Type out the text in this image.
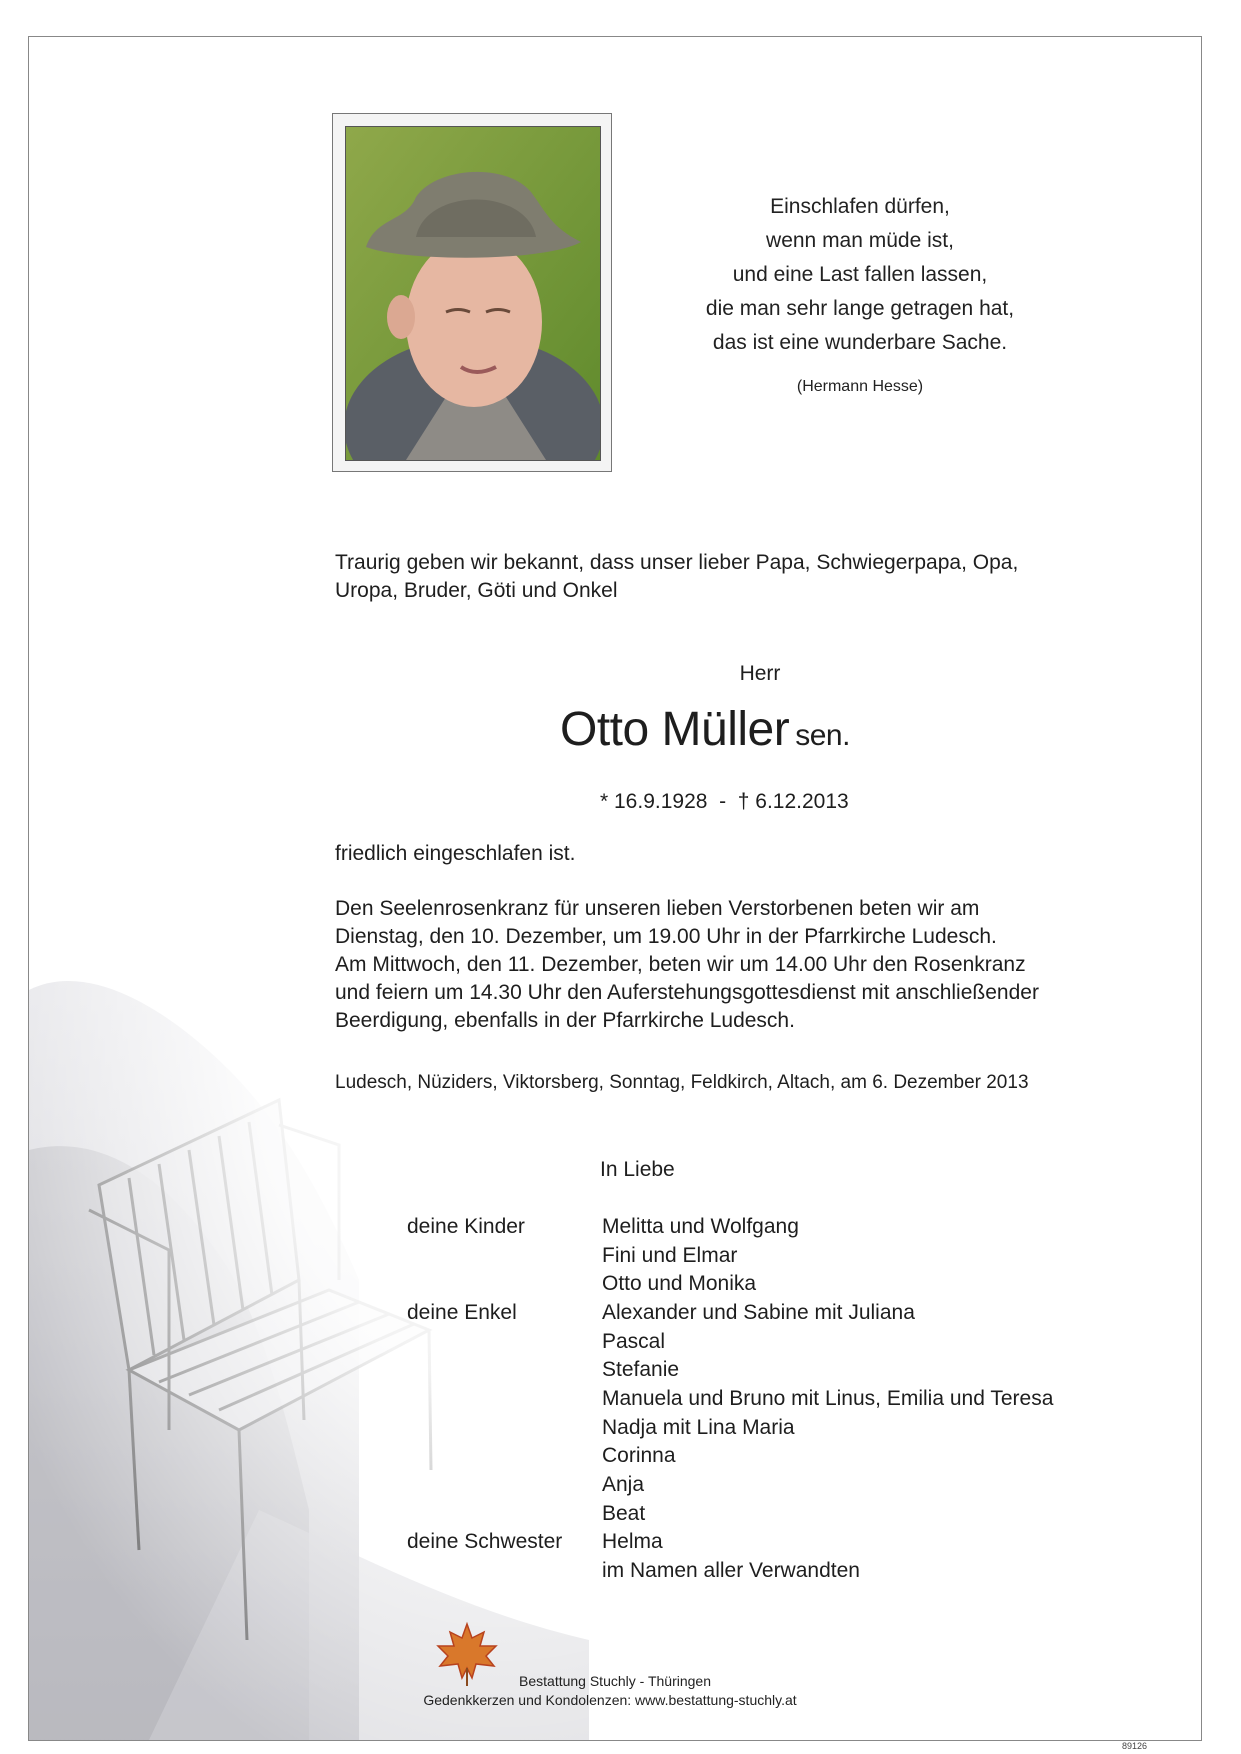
Einschlafen dürfen,
wenn man müde ist,
und eine Last fallen lassen,
die man sehr lange getragen hat,
das ist eine wunderbare Sache.
(Hermann Hesse)
Traurig geben wir bekannt, dass unser lieber Papa, Schwiegerpapa, Opa,
Uropa, Bruder, Göti und Onkel
Herr
Otto Müller sen.
* 16.9.1928  -  † 6.12.2013
friedlich eingeschlafen ist.
Den Seelenrosenkranz für unseren lieben Verstorbenen beten wir am
Dienstag, den 10. Dezember, um 19.00 Uhr in der Pfarrkirche Ludesch.
Am Mittwoch, den 11. Dezember, beten wir um 14.00 Uhr den Rosenkranz
und feiern um 14.30 Uhr den Auferstehungsgottesdienst mit anschließender
Beerdigung, ebenfalls in der Pfarrkirche Ludesch.
Ludesch, Nüziders, Viktorsberg, Sonntag, Feldkirch, Altach, am 6. Dezember 2013
In Liebe
deine Kinder
deine Enkel
deine Schwester
Melitta und Wolfgang
Fini und Elmar
Otto und Monika
Alexander und Sabine mit Juliana
Pascal
Stefanie
Manuela und Bruno mit Linus, Emilia und Teresa
Nadja mit Lina Maria
Corinna
Anja
Beat
Helma
im Namen aller Verwandten
Bestattung Stuchly - Thüringen
Gedenkkerzen und Kondolenzen: www.bestattung-stuchly.at
89126
